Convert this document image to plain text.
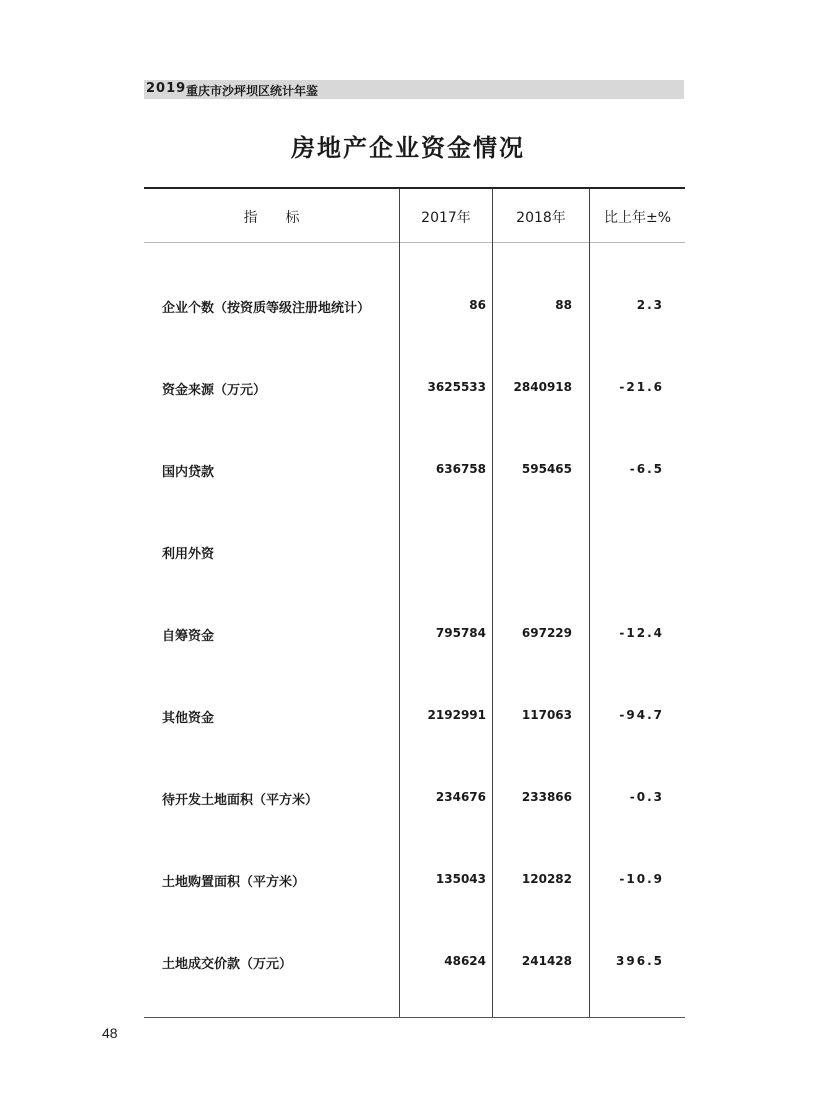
2019 重庆市沙坪坝区统计年鉴
房地产企业资金情况
指　　标	2017年	2018年	比上年±%
企业个数（按资质等级注册地统计）	86	88	2.3
资金来源（万元）	3625533	2840918	-21.6
国内贷款	636758	595465	-6.5
利用外资
自筹资金	795784	697229	-12.4
其他资金	2192991	117063	-94.7
待开发土地面积（平方米）	234676	233866	-0.3
土地购置面积（平方米）	135043	120282	-10.9
土地成交价款（万元）	48624	241428	396.5
48
